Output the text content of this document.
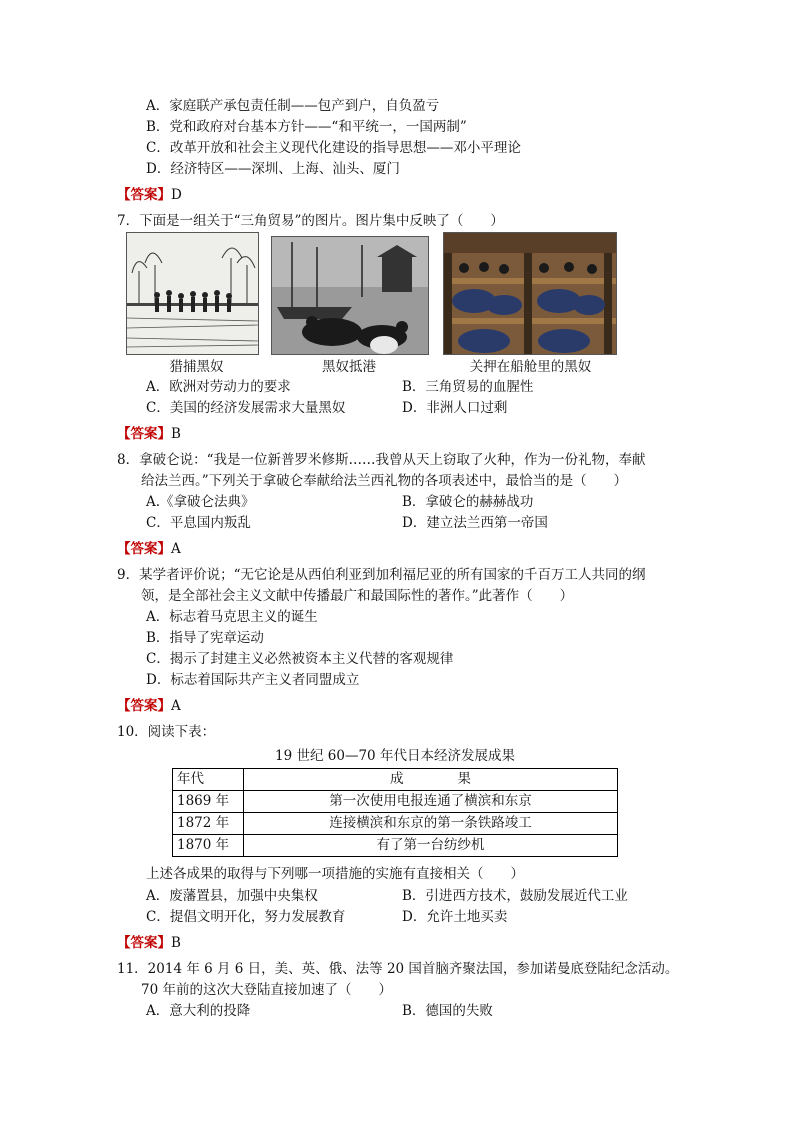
A．家庭联产承包责任制——包产到户，自负盈亏
B．党和政府对台基本方针——“和平统一，一国两制”
C．改革开放和社会主义现代化建设的指导思想——邓小平理论
D．经济特区——深圳、上海、汕头、厦门
【答案】D
7．下面是一组关于“三角贸易”的图片。图片集中反映了（　　）
猎捕黑奴	黑奴抵港	关押在船舱里的黑奴
A．欧洲对劳动力的要求	B．三角贸易的血腥性
C．美国的经济发展需求大量黑奴	D．非洲人口过剩
【答案】B
8．拿破仑说：“我是一位新普罗米修斯……我曾从天上窃取了火种，作为一份礼物，奉献
给法兰西。”下列关于拿破仑奉献给法兰西礼物的各项表述中，最恰当的是（　　）
A.《拿破仑法典》	B．拿破仑的赫赫战功
C．平息国内叛乱	D．建立法兰西第一帝国
【答案】A
9．某学者评价说；“无它论是从西伯利亚到加利福尼亚的所有国家的千百万工人共同的纲
领，是全部社会主义文献中传播最广和最国际性的著作。”此著作（　　）
A．标志着马克思主义的诞生
B．指导了宪章运动
C．揭示了封建主义必然被资本主义代替的客观规律
D．标志着国际共产主义者同盟成立
【答案】A
10．阅读下表：
19 世纪 60—70 年代日本经济发展成果
年代	成　　　　果
1869 年	第一次使用电报连通了横滨和东京
1872 年	连接横滨和东京的第一条铁路竣工
1870 年	有了第一台纺纱机
上述各成果的取得与下列哪一项措施的实施有直接相关（　　）
A．废藩置县，加强中央集权	B．引进西方技术，鼓励发展近代工业
C．提倡文明开化，努力发展教育	D．允许土地买卖
【答案】B
11．2014 年 6 月 6 日，美、英、俄、法等 20 国首脑齐聚法国，参加诺曼底登陆纪念活动。
70 年前的这次大登陆直接加速了（　　）
A．意大利的投降	B．德国的失败
